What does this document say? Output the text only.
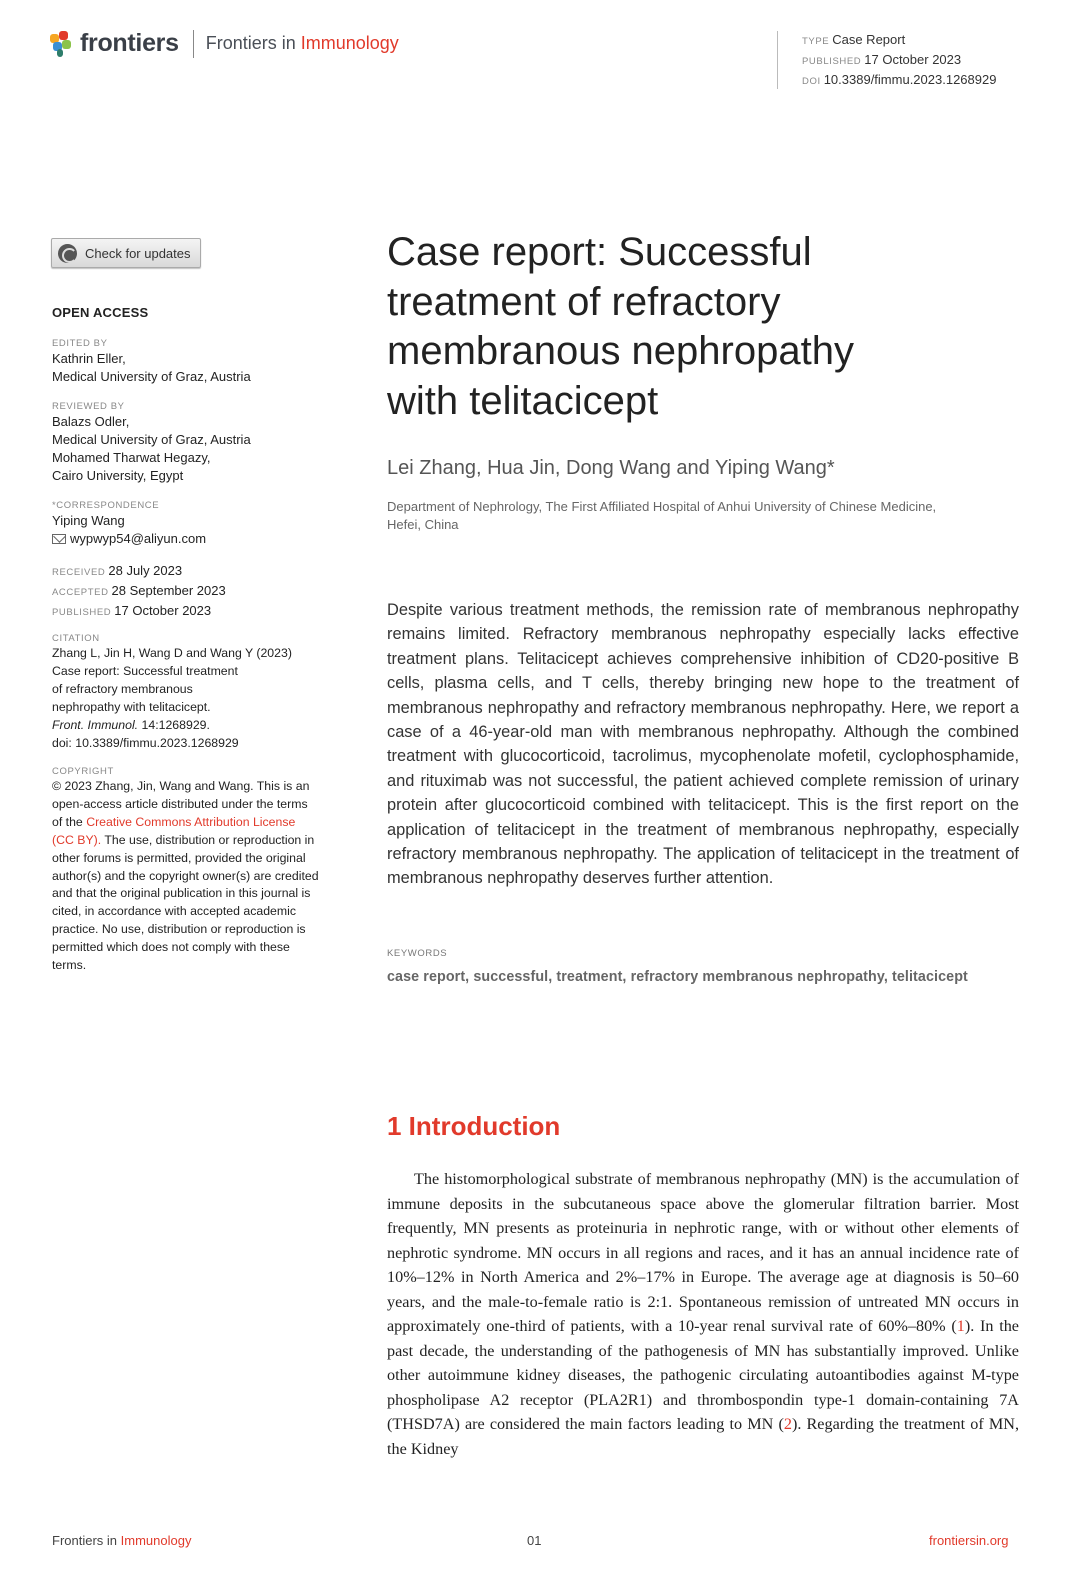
frontiers Frontiers in Immunology	TYPE Case Report
PUBLISHED 17 October 2023
DOI 10.3389/fimmu.2023.1268929
Check for updates
OPEN ACCESS
EDITED BY
Kathrin Eller,
Medical University of Graz, Austria
REVIEWED BY
Balazs Odler,
Medical University of Graz, Austria
Mohamed Tharwat Hegazy,
Cairo University, Egypt
*CORRESPONDENCE
Yiping Wang
wypwyp54@aliyun.com
RECEIVED 28 July 2023
ACCEPTED 28 September 2023
PUBLISHED 17 October 2023
CITATION
Zhang L, Jin H, Wang D and Wang Y (2023)
Case report: Successful treatment
of refractory membranous
nephropathy with telitacicept.
Front. Immunol. 14:1268929.
doi: 10.3389/fimmu.2023.1268929
COPYRIGHT
© 2023 Zhang, Jin, Wang and Wang. This is an open-access article distributed under the terms of the Creative Commons Attribution License (CC BY). The use, distribution or reproduction in other forums is permitted, provided the original author(s) and the copyright owner(s) are credited and that the original publication in this journal is cited, in accordance with accepted academic practice. No use, distribution or reproduction is permitted which does not comply with these terms.
Case report: Successful
treatment of refractory
membranous nephropathy
with telitacicept
Lei Zhang, Hua Jin, Dong Wang and Yiping Wang*
Department of Nephrology, The First Affiliated Hospital of Anhui University of Chinese Medicine,
Hefei, China

Despite various treatment methods, the remission rate of membranous nephropathy remains limited. Refractory membranous nephropathy especially lacks effective treatment plans. Telitacicept achieves comprehensive inhibition of CD20-positive B cells, plasma cells, and T cells, thereby bringing new hope to the treatment of membranous nephropathy and refractory membranous nephropathy. Here, we report a case of a 46-year-old man with membranous nephropathy. Although the combined treatment with glucocorticoid, tacrolimus, mycophenolate mofetil, cyclophosphamide, and rituximab was not successful, the patient achieved complete remission of urinary protein after glucocorticoid combined with telitacicept. This is the first report on the application of telitacicept in the treatment of membranous nephropathy, especially refractory membranous nephropathy. The application of telitacicept in the treatment of membranous nephropathy deserves further attention.

KEYWORDS
case report, successful, treatment, refractory membranous nephropathy, telitacicept
1 Introduction

The histomorphological substrate of membranous nephropathy (MN) is the accumulation of immune deposits in the subcutaneous space above the glomerular filtration barrier. Most frequently, MN presents as proteinuria in nephrotic range, with or without other elements of nephrotic syndrome. MN occurs in all regions and races, and it has an annual incidence rate of 10%–12% in North America and 2%–17% in Europe. The average age at diagnosis is 50–60 years, and the male-to-female ratio is 2:1. Spontaneous remission of untreated MN occurs in approximately one-third of patients, with a 10-year renal survival rate of 60%–80% (1). In the past decade, the understanding of the pathogenesis of MN has substantially improved. Unlike other autoimmune kidney diseases, the pathogenic circulating autoantibodies against M-type phospholipase A2 receptor (PLA2R1) and thrombospondin type-1 domain-containing 7A (THSD7A) are considered the main factors leading to MN (2). Regarding the treatment of MN, the Kidney

Frontiers in Immunology	01	frontiersin.org
